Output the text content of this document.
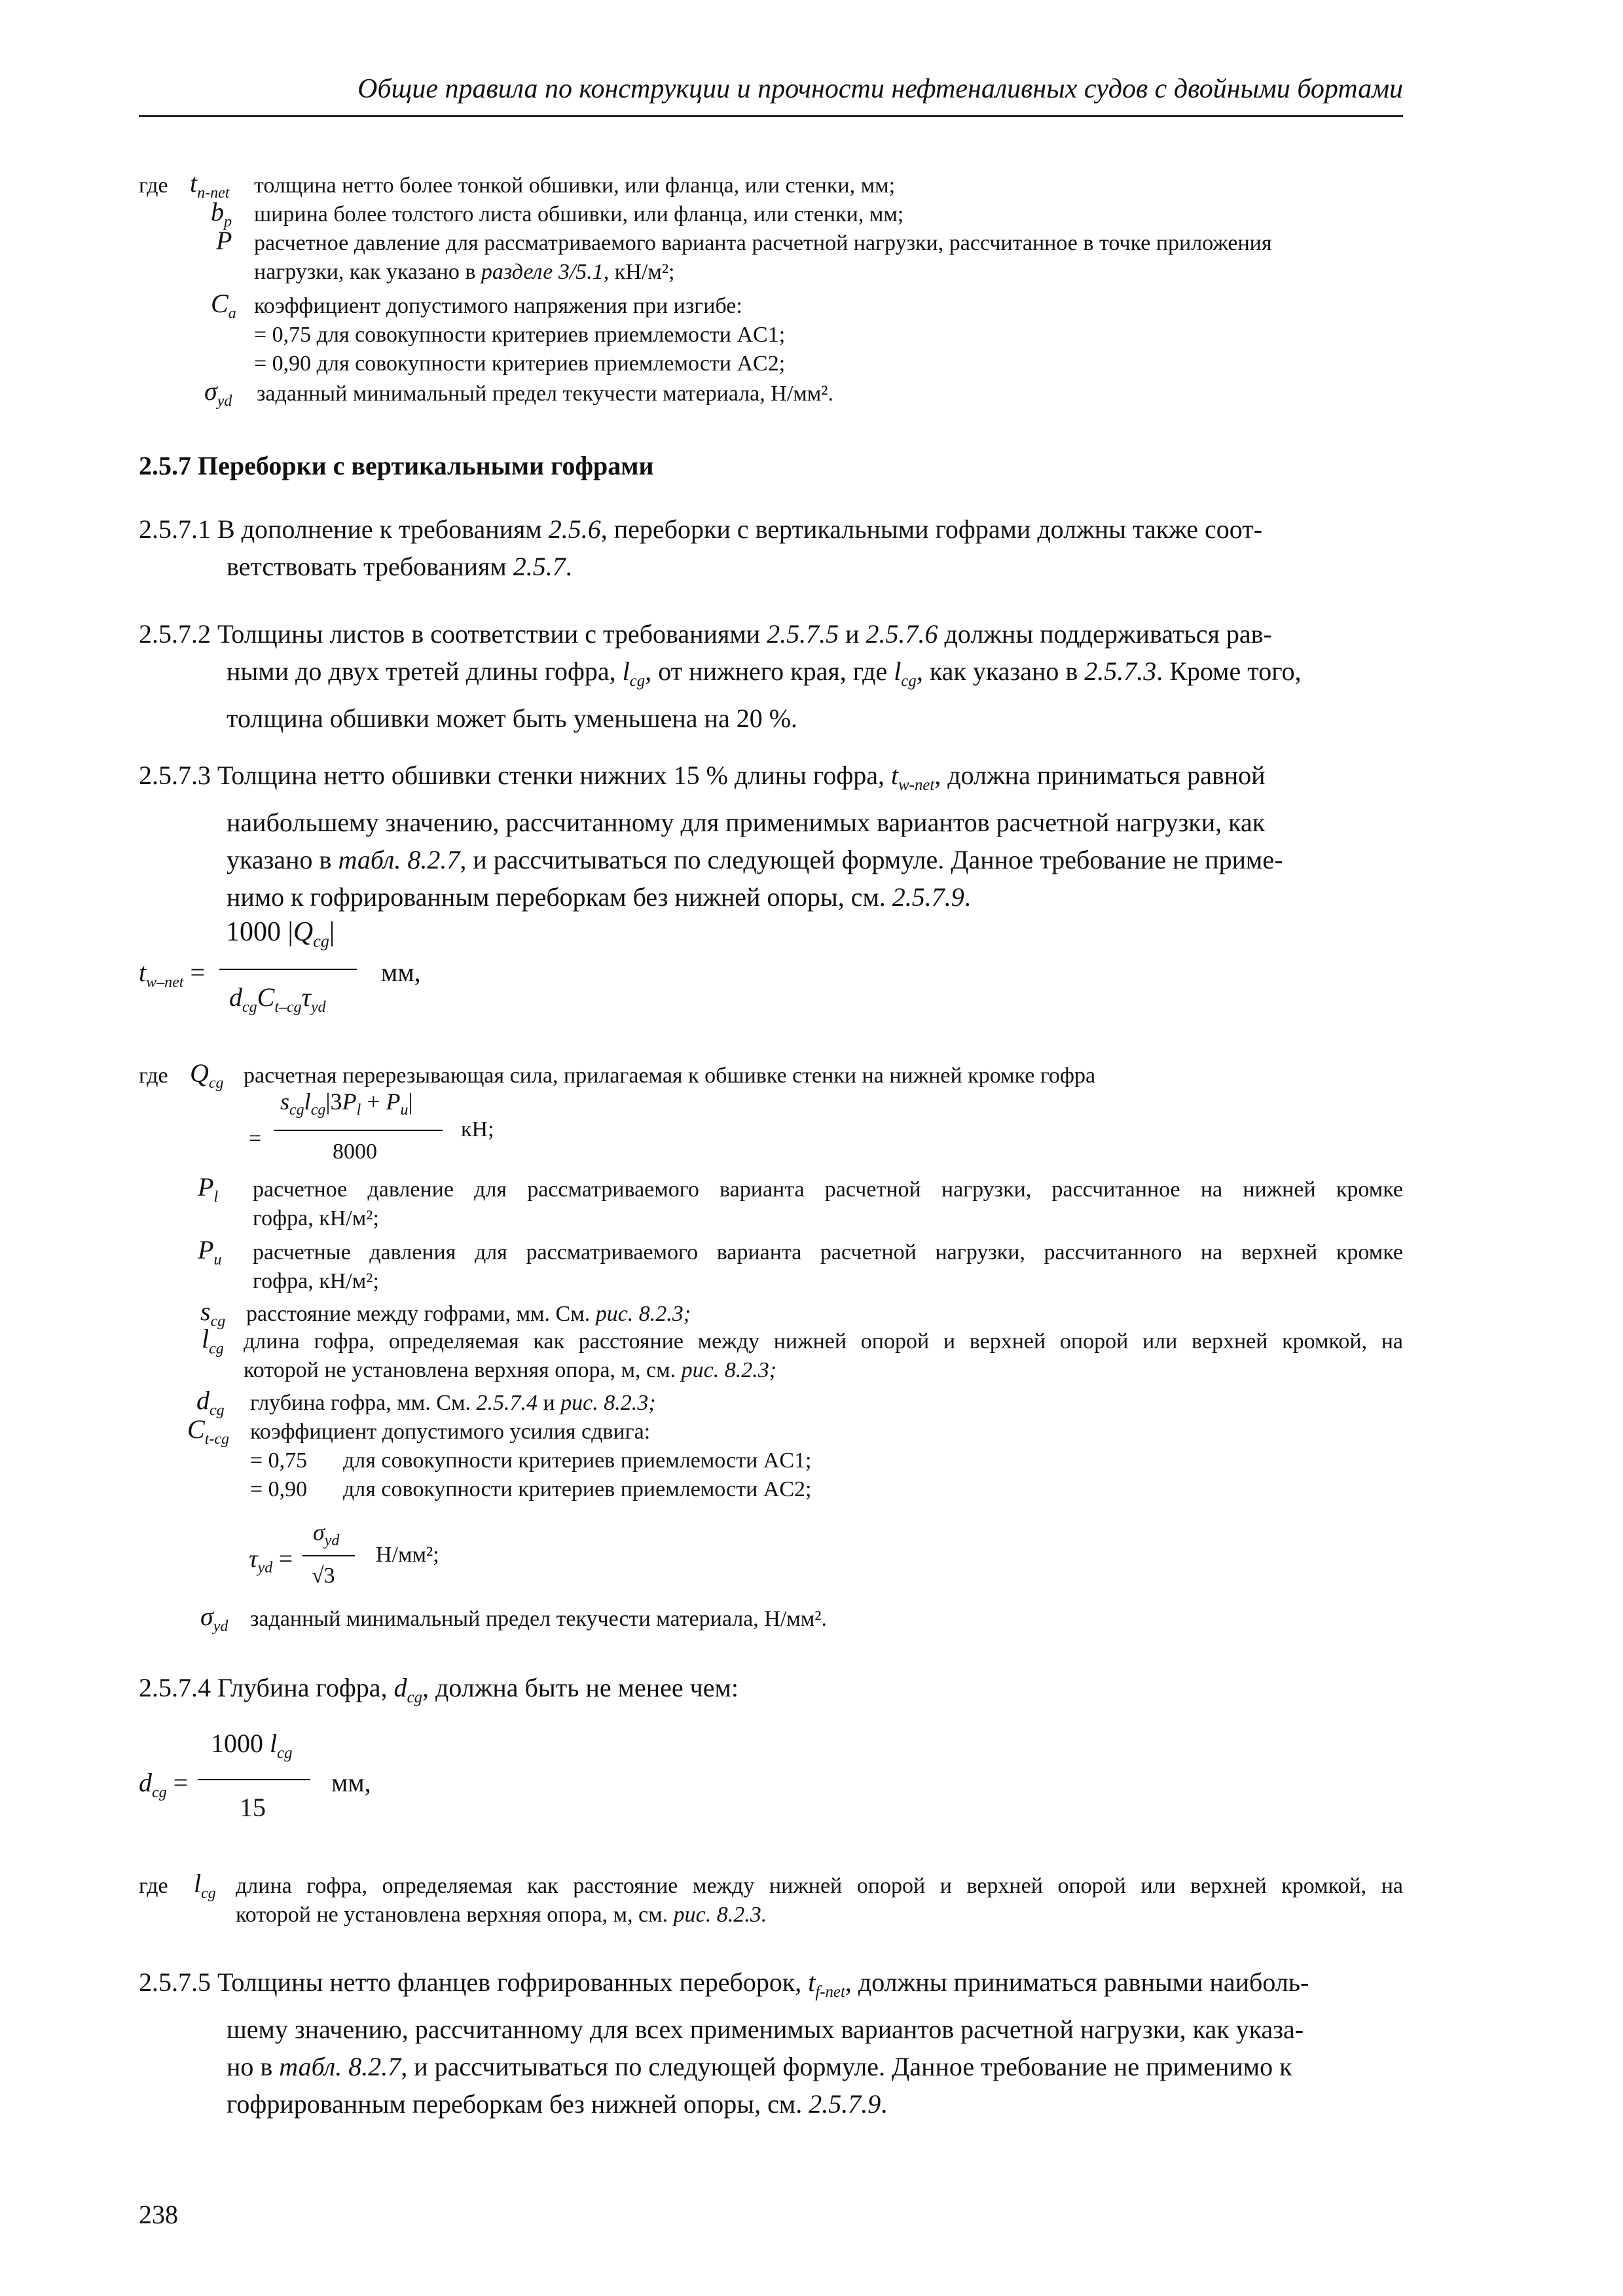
Общие правила по конструкции и прочности нефтеналивных судов с двойными бортами
где $t_{n-net}$ толщина нетто более тонкой обшивки, или фланца, или стенки, мм;
$b_p$ ширина более толстого листа обшивки, или фланца, или стенки, мм;
P расчетное давление для рассматриваемого варианта расчетной нагрузки, рассчитанное в точке приложения
нагрузки, как указано в разделе 3/5.1, кН/м²;
$C_a$ коэффициент допустимого напряжения при изгибе:
= 0,75 для совокупности критериев приемлемости AC1;
= 0,90 для совокупности критериев приемлемости AC2;
$\sigma_{yd}$ заданный минимальный предел текучести материала, Н/мм².
2.5.7 Переборки с вертикальными гофрами
2.5.7.1 В дополнение к требованиям 2.5.6, переборки с вертикальными гофрами должны также соот-
ветствовать требованиям 2.5.7.
2.5.7.2 Толщины листов в соответствии с требованиями 2.5.7.5 и 2.5.7.6 должны поддерживаться рав-
ными до двух третей длины гофра, $l_{cg}$, от нижнего края, где $l_{cg}$, как указано в 2.5.7.3. Кроме того,
толщина обшивки может быть уменьшена на 20 %.
2.5.7.3 Толщина нетто обшивки стенки нижних 15 % длины гофра, $t_{w-net}$, должна приниматься равной
наибольшему значению, рассчитанному для применимых вариантов расчетной нагрузки, как
указано в табл. 8.2.7, и рассчитываться по следующей формуле. Данное требование не приме-
нимо к гофрированным переборкам без нижней опоры, см. 2.5.7.9.
$t_{w-net}$ =
1000 $|Q_{cg}|$
$d_{cg}C_{t-cg}\tau_{yd}$
мм,
где $Q_{cg}$ расчетная перерезывающая сила, прилагаемая к обшивке стенки на нижней кромке гофра
=
$s_{cg}l_{cg}|3P_l + P_u|$
8000
кН;
$P_l$ расчетное давление для рассматриваемого варианта расчетной нагрузки, рассчитанное на нижней кромке
гофра, кН/м²;
$P_u$ расчетные давления для рассматриваемого варианта расчетной нагрузки, рассчитанного на верхней кромке
гофра, кН/м²;
$s_{cg}$ расстояние между гофрами, мм. См. рис. 8.2.3;
$l_{cg}$ длина гофра, определяемая как расстояние между нижней опорой и верхней опорой или верхней кромкой, на
которой не установлена верхняя опора, м, см. рис. 8.2.3;
$d_{cg}$ глубина гофра, мм. См. 2.5.7.4 и рис. 8.2.3;
$C_{t-cg}$ коэффициент допустимого усилия сдвига:
= 0,75 для совокупности критериев приемлемости AC1;
= 0,90 для совокупности критериев приемлемости AC2;
$\tau_{yd}$ =
$\sigma_{yd}$
√3
Н/мм²;
$\sigma_{yd}$ заданный минимальный предел текучести материала, Н/мм².
2.5.7.4 Глубина гофра, $d_{cg}$, должна быть не менее чем:
$d_{cg}$ =
1000 $l_{cg}$
15
мм,
где $l_{cg}$ длина гофра, определяемая как расстояние между нижней опорой и верхней опорой или верхней кромкой, на
которой не установлена верхняя опора, м, см. рис. 8.2.3.
2.5.7.5 Толщины нетто фланцев гофрированных переборок, $t_{f-net}$, должны приниматься равными наиболь-
шему значению, рассчитанному для всех применимых вариантов расчетной нагрузки, как указа-
но в табл. 8.2.7, и рассчитываться по следующей формуле. Данное требование не применимо к
гофрированным переборкам без нижней опоры, см. 2.5.7.9.
238
